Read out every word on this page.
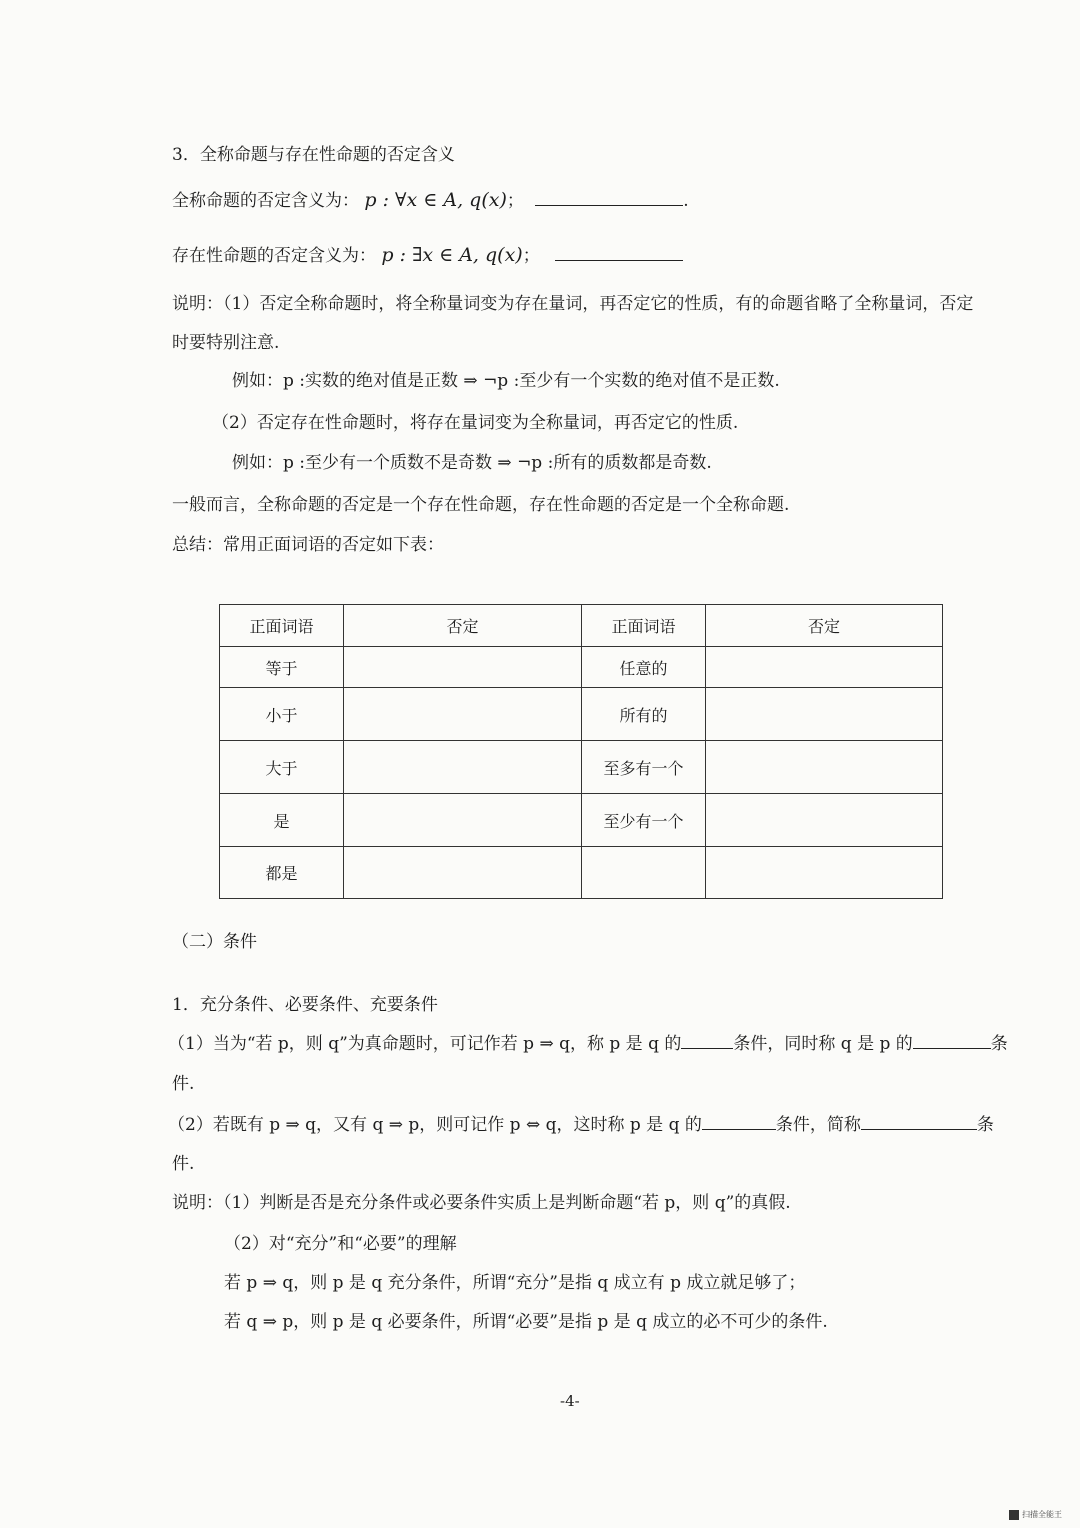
3．全称命题与存在性命题的否定含义
全称命题的否定含义为： p : ∀x ∈ A, q(x)；	.
存在性命题的否定含义为： p : ∃x ∈ A, q(x)；
说明：（1）否定全称命题时，将全称量词变为存在量词，再否定它的性质，有的命题省略了全称量词，否定
时要特别注意.
例如：p :实数的绝对值是正数 ⇒ ¬p :至少有一个实数的绝对值不是正数.
（2）否定存在性命题时，将存在量词变为全称量词，再否定它的性质.
例如：p :至少有一个质数不是奇数 ⇒ ¬p :所有的质数都是奇数.
一般而言，全称命题的否定是一个存在性命题，存在性命题的否定是一个全称命题.
总结：常用正面词语的否定如下表：
正面词语	否定	正面词语	否定
等于		任意的	
小于		所有的	
大于		至多有一个	
是		至少有一个	
都是			
（二）条件
1．充分条件、必要条件、充要条件
（1）当为“若 p，则 q”为真命题时，可记作若 p ⇒ q，称 p 是 q 的	条件，同时称 q 是 p 的	条
件.
（2）若既有 p ⇒ q，又有 q ⇒ p，则可记作 p ⇔ q，这时称 p 是 q 的	条件，简称	条
件.
说明：（1）判断是否是充分条件或必要条件实质上是判断命题“若 p，则 q”的真假.
（2）对“充分”和“必要”的理解
若 p ⇒ q，则 p 是 q 充分条件，所谓“充分”是指 q 成立有 p 成立就足够了；
若 q ⇒ p，则 p 是 q 必要条件，所谓“必要”是指 p 是 q 成立的必不可少的条件.
-4-
扫描全能王
